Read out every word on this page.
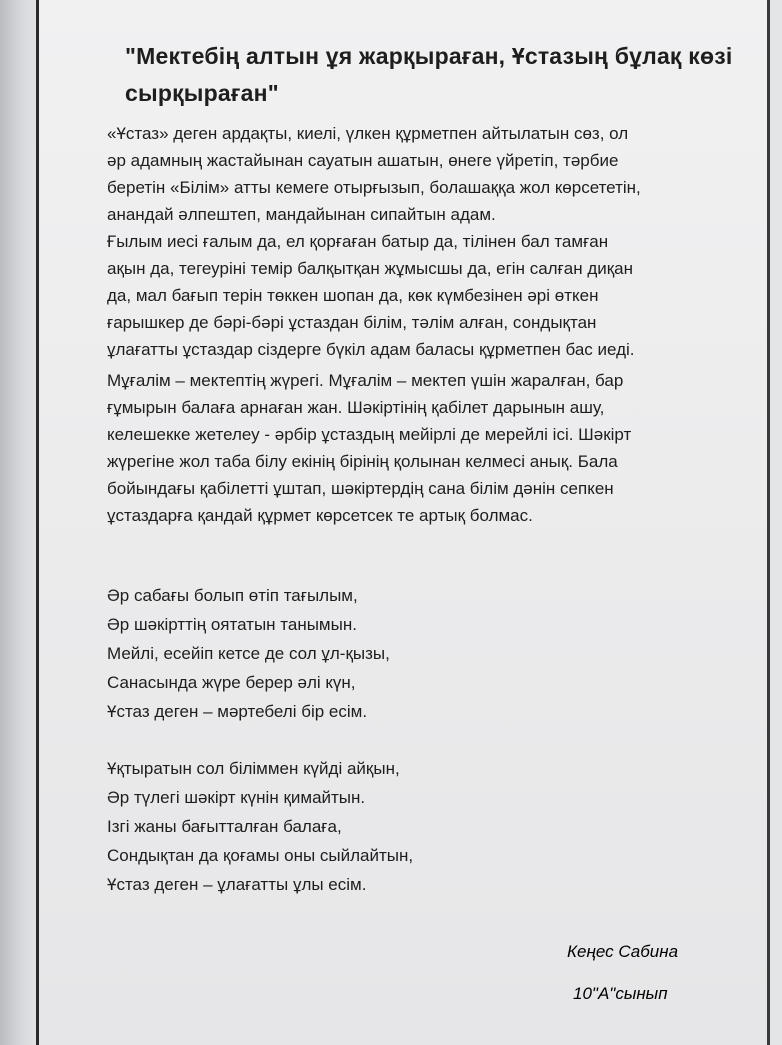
"Мектебің алтын ұя жарқыраған, Ұстазың бұлақ көзі сырқыраған"
«Ұстаз» деген ардақты, киелі, үлкен құрметпен айтылатын сөз, ол
әр адамның жастайынан сауатын ашатын, өнеге үйретіп, тәрбие
беретін «Білім» атты кемеге отырғызып, болашаққа жол көрсететін,
анандай әлпештеп, мандайынан сипайтын адам.
Ғылым иесі ғалым да, ел қорғаған батыр да, тілінен бал тамған
ақын да, тегеурінi темір балқытқан жұмысшы да, егін салған диқан
да, мал бағып терін төккен шопан да, көк күмбезінен әрі өткен
ғарышкер де бәрі-бәрі ұстаздан білім, тәлім алған, сондықтан
ұлағатты ұстаздар сіздерге бүкіл адам баласы құрметпен бас иеді.
Мұғалім – мектептің жүрегі. Мұғалім – мектеп үшін жаралған, бар
ғұмырын балаға арнаған жан. Шәкіртінің қабілет дарынын ашу,
келешекке жетелеу - әрбір ұстаздың мейірлі де мерейлі ісі. Шәкірт
жүрегіне жол таба білу екінің бірінің қолынан келмесі анық. Бала
бойындағы қабілетті ұштап, шәкіртердің сана білім дәнін сепкен
ұстаздарға қандай құрмет көрсетсек те артық болмас.
Әр сабағы болып өтіп тағылым,
Әр шәкірттің оятатын танымын.
Мейлі, есейіп кетсе де сол ұл-қызы,
Санасында жүре берер әлі күн,
Ұстаз деген – мәртебелі бір есім.
Ұқтыратын сол біліммен күйді айқын,
Әр түлегі шәкірт күнін қимайтын.
Ізгі жаны бағытталған балаға,
Сондықтан да қоғамы оны сыйлайтын,
Ұстаз деген – ұлағатты ұлы есім.
Кеңес Сабина
10"А"сынып
